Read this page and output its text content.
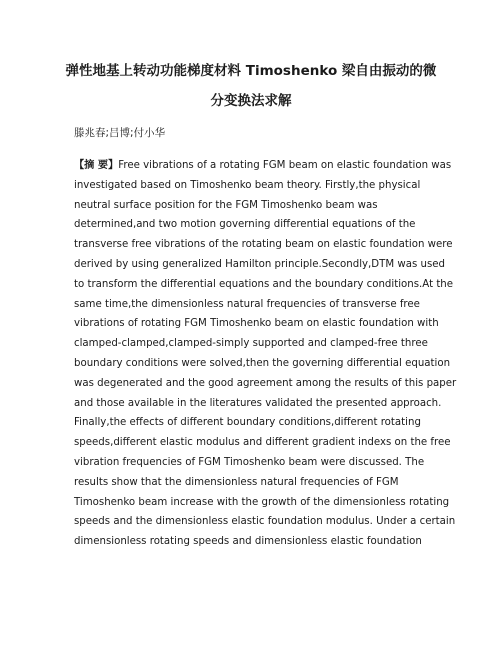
弹性地基上转动功能梯度材料 Timoshenko 梁自由振动的微
分变换法求解
滕兆春;吕博;付小华
【摘 要】Free vibrations of a rotating FGM beam on elastic foundation was
investigated based on Timoshenko beam theory. Firstly,the physical
neutral surface position for the FGM Timoshenko beam was
determined,and two motion governing differential equations of the
transverse free vibrations of the rotating beam on elastic foundation were
derived by using generalized Hamilton principle.Secondly,DTM was used
to transform the differential equations and the boundary conditions.At the
same time,the dimensionless natural frequencies of transverse free
vibrations of rotating FGM Timoshenko beam on elastic foundation with
clamped-clamped,clamped-simply supported and clamped-free three
boundary conditions were solved,then the governing differential equation
was degenerated and the good agreement among the results of this paper
and those available in the literatures validated the presented approach.
Finally,the effects of different boundary conditions,different rotating
speeds,different elastic modulus and different gradient indexs on the free
vibration frequencies of FGM Timoshenko beam were discussed. The
results show that the dimensionless natural frequencies of FGM
Timoshenko beam increase with the growth of the dimensionless rotating
speeds and the dimensionless elastic foundation modulus. Under a certain
dimensionless rotating speeds and dimensionless elastic foundation
